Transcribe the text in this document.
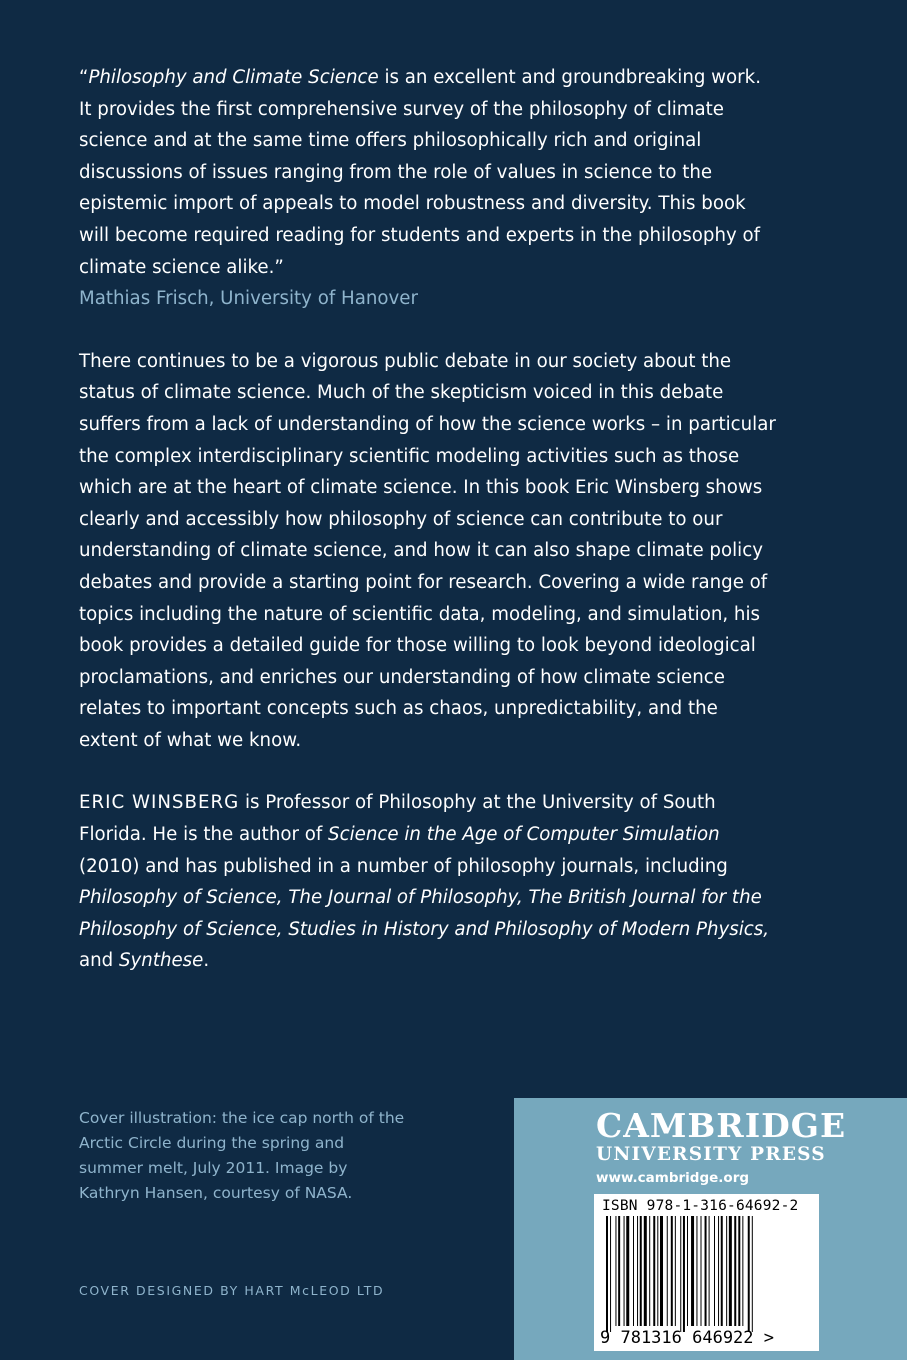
“Philosophy and Climate Science is an excellent and groundbreaking work. It provides the first comprehensive survey of the philosophy of climate science and at the same time offers philosophically rich and original discussions of issues ranging from the role of values in science to the epistemic import of appeals to model robustness and diversity. This book will become required reading for students and experts in the philosophy of climate science alike.”

Mathias Frisch, University of Hanover

There continues to be a vigorous public debate in our society about the status of climate science. Much of the skepticism voiced in this debate suffers from a lack of understanding of how the science works – in particular the complex interdisciplinary scientific modeling activities such as those which are at the heart of climate science. In this book Eric Winsberg shows clearly and accessibly how philosophy of science can contribute to our understanding of climate science, and how it can also shape climate policy debates and provide a starting point for research. Covering a wide range of topics including the nature of scientific data, modeling, and simulation, his book provides a detailed guide for those willing to look beyond ideological proclamations, and enriches our understanding of how climate science relates to important concepts such as chaos, unpredictability, and the extent of what we know.

ERIC WINSBERG is Professor of Philosophy at the University of South Florida. He is the author of Science in the Age of Computer Simulation (2010) and has published in a number of philosophy journals, including Philosophy of Science, The Journal of Philosophy, The British Journal for the Philosophy of Science, Studies in History and Philosophy of Modern Physics, and Synthese.

Cover illustration: the ice cap north of the Arctic Circle during the spring and summer melt, July 2011. Image by Kathryn Hansen, courtesy of NASA.

COVER DESIGNED BY HART McLEOD LTD
CAMBRIDGE
UNIVERSITY PRESS
www.cambridge.org
ISBN 978-1-316-64692-2
9 781316 646922 >
